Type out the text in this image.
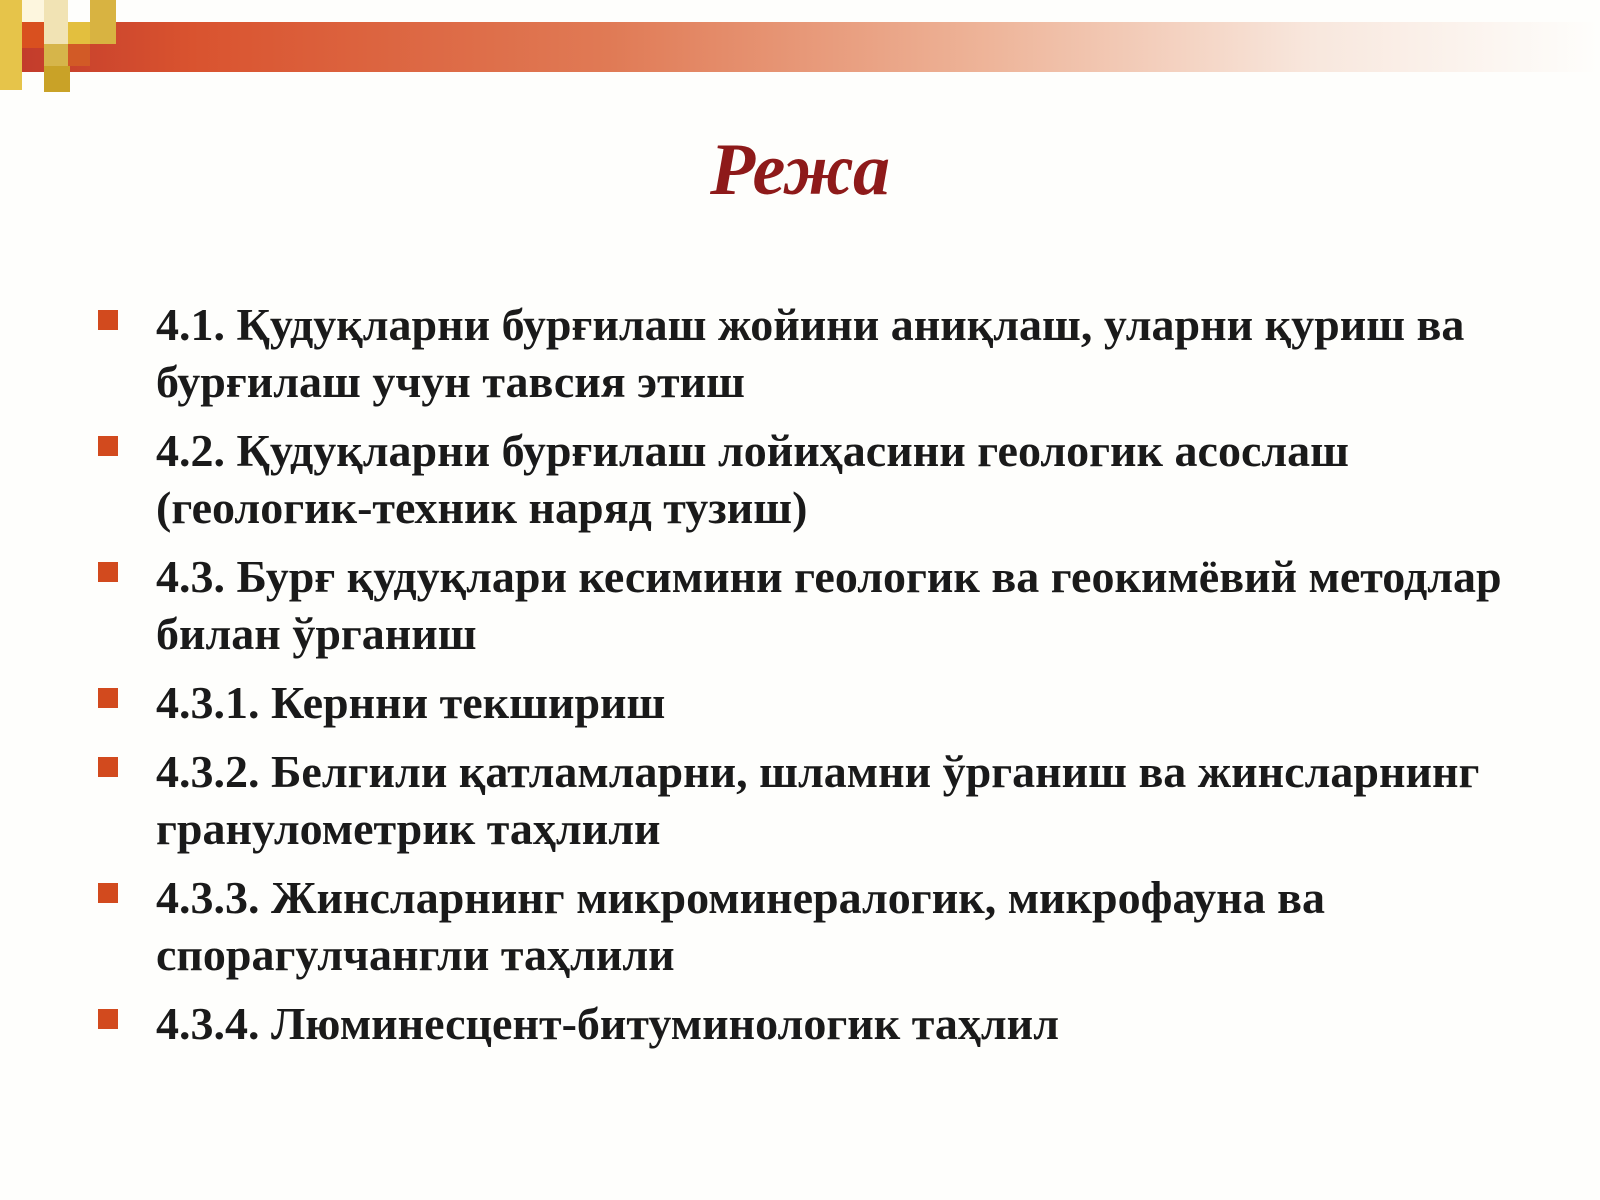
Режа
4.1. Қудуқларни бурғилаш жойини аниқлаш, уларни қуриш ва бурғилаш учун тавсия этиш
4.2. Қудуқларни бурғилаш лойиҳасини геологик асослаш (геологик-техник наряд тузиш)
4.3. Бурғ қудуқлари кесимини геологик ва геокимёвий методлар билан ўрганиш
4.3.1. Кернни текшириш
4.3.2. Белгили қатламларни, шламни ўрганиш ва жинсларнинг гранулометрик таҳлили
4.3.3. Жинсларнинг микроминералогик, микрофауна ва спорагулчангли таҳлили
4.3.4. Люминесцент-битуминологик таҳлил
